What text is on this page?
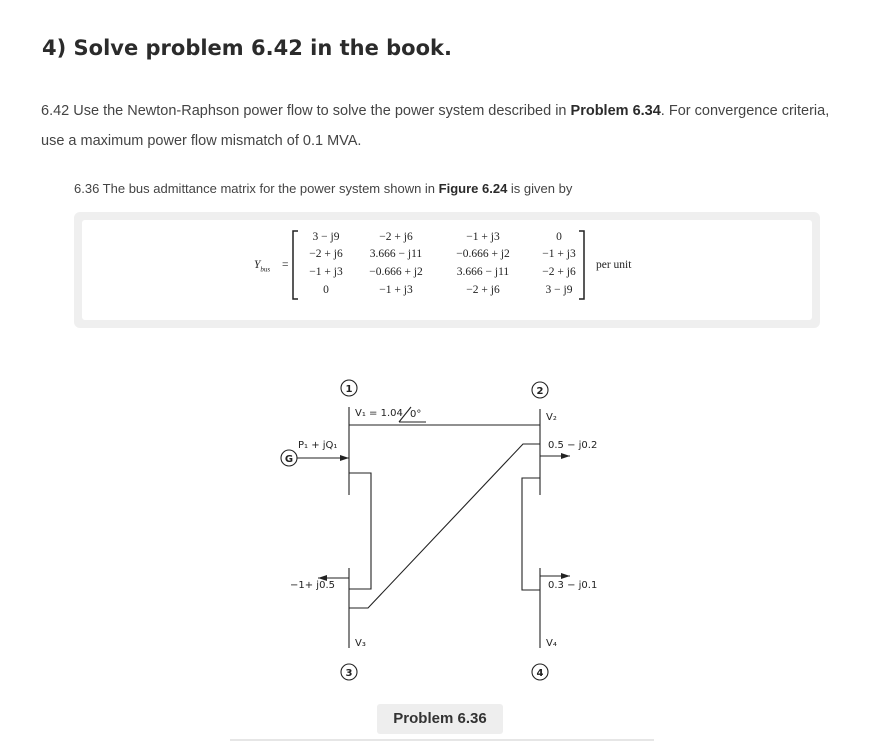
4) Solve problem 6.42 in the book.
6.42 Use the Newton-Raphson power flow to solve the power system described in Problem 6.34. For convergence criteria, use a maximum power flow mismatch of 0.1 MVA.
6.36 The bus admittance matrix for the power system shown in Figure 6.24 is given by
$Y_{bus}$ =
3 − j9	−2 + j6	−1 + j3	0
−2 + j6	3.666 − j11	−0.666 + j2	−1 + j3
−1 + j3	−0.666 + j2	3.666 − j11	−2 + j6
0	−1 + j3	−2 + j6	3 − j9
per unit
1	2
3	4
G
V₁ = 1.04 0°	V₂
V₃	V₄
P₁ + jQ₁	0.5 − j0.2
−1+ j0.5	0.3 − j0.1
Problem 6.36
